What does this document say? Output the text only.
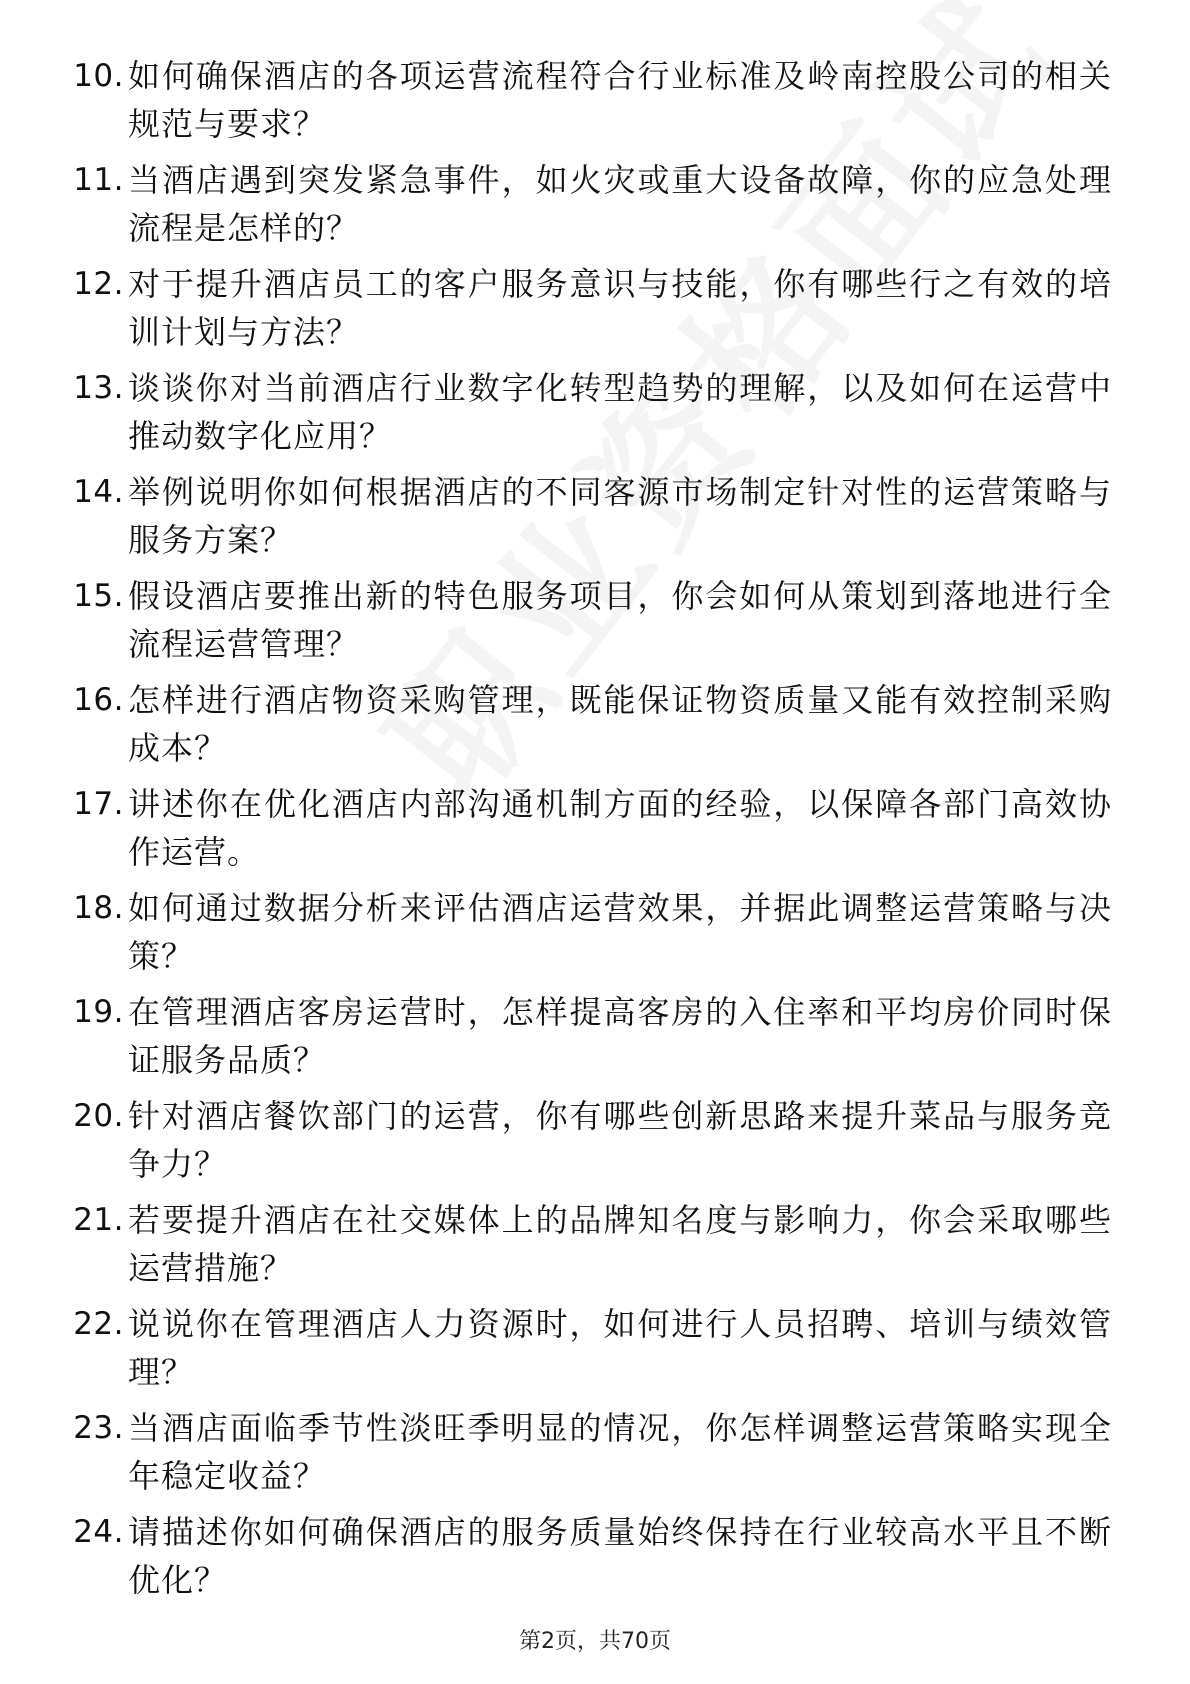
10. 如何确保酒店的各项运营流程符合行业标准及岭南控股公司的相关规范与要求？
11. 当酒店遇到突发紧急事件，如火灾或重大设备故障，你的应急处理流程是怎样的？
12. 对于提升酒店员工的客户服务意识与技能，你有哪些行之有效的培训计划与方法？
13. 谈谈你对当前酒店行业数字化转型趋势的理解，以及如何在运营中推动数字化应用？
14. 举例说明你如何根据酒店的不同客源市场制定针对性的运营策略与服务方案？
15. 假设酒店要推出新的特色服务项目，你会如何从策划到落地进行全流程运营管理？
16. 怎样进行酒店物资采购管理，既能保证物资质量又能有效控制采购成本？
17. 讲述你在优化酒店内部沟通机制方面的经验，以保障各部门高效协作运营。
18. 如何通过数据分析来评估酒店运营效果，并据此调整运营策略与决策？
19. 在管理酒店客房运营时，怎样提高客房的入住率和平均房价同时保证服务品质？
20. 针对酒店餐饮部门的运营，你有哪些创新思路来提升菜品与服务竞争力？
21. 若要提升酒店在社交媒体上的品牌知名度与影响力，你会采取哪些运营措施？
22. 说说你在管理酒店人力资源时，如何进行人员招聘、培训与绩效管理？
23. 当酒店面临季节性淡旺季明显的情况，你怎样调整运营策略实现全年稳定收益？
24. 请描述你如何确保酒店的服务质量始终保持在行业较高水平且不断优化？
第2页，共70页
